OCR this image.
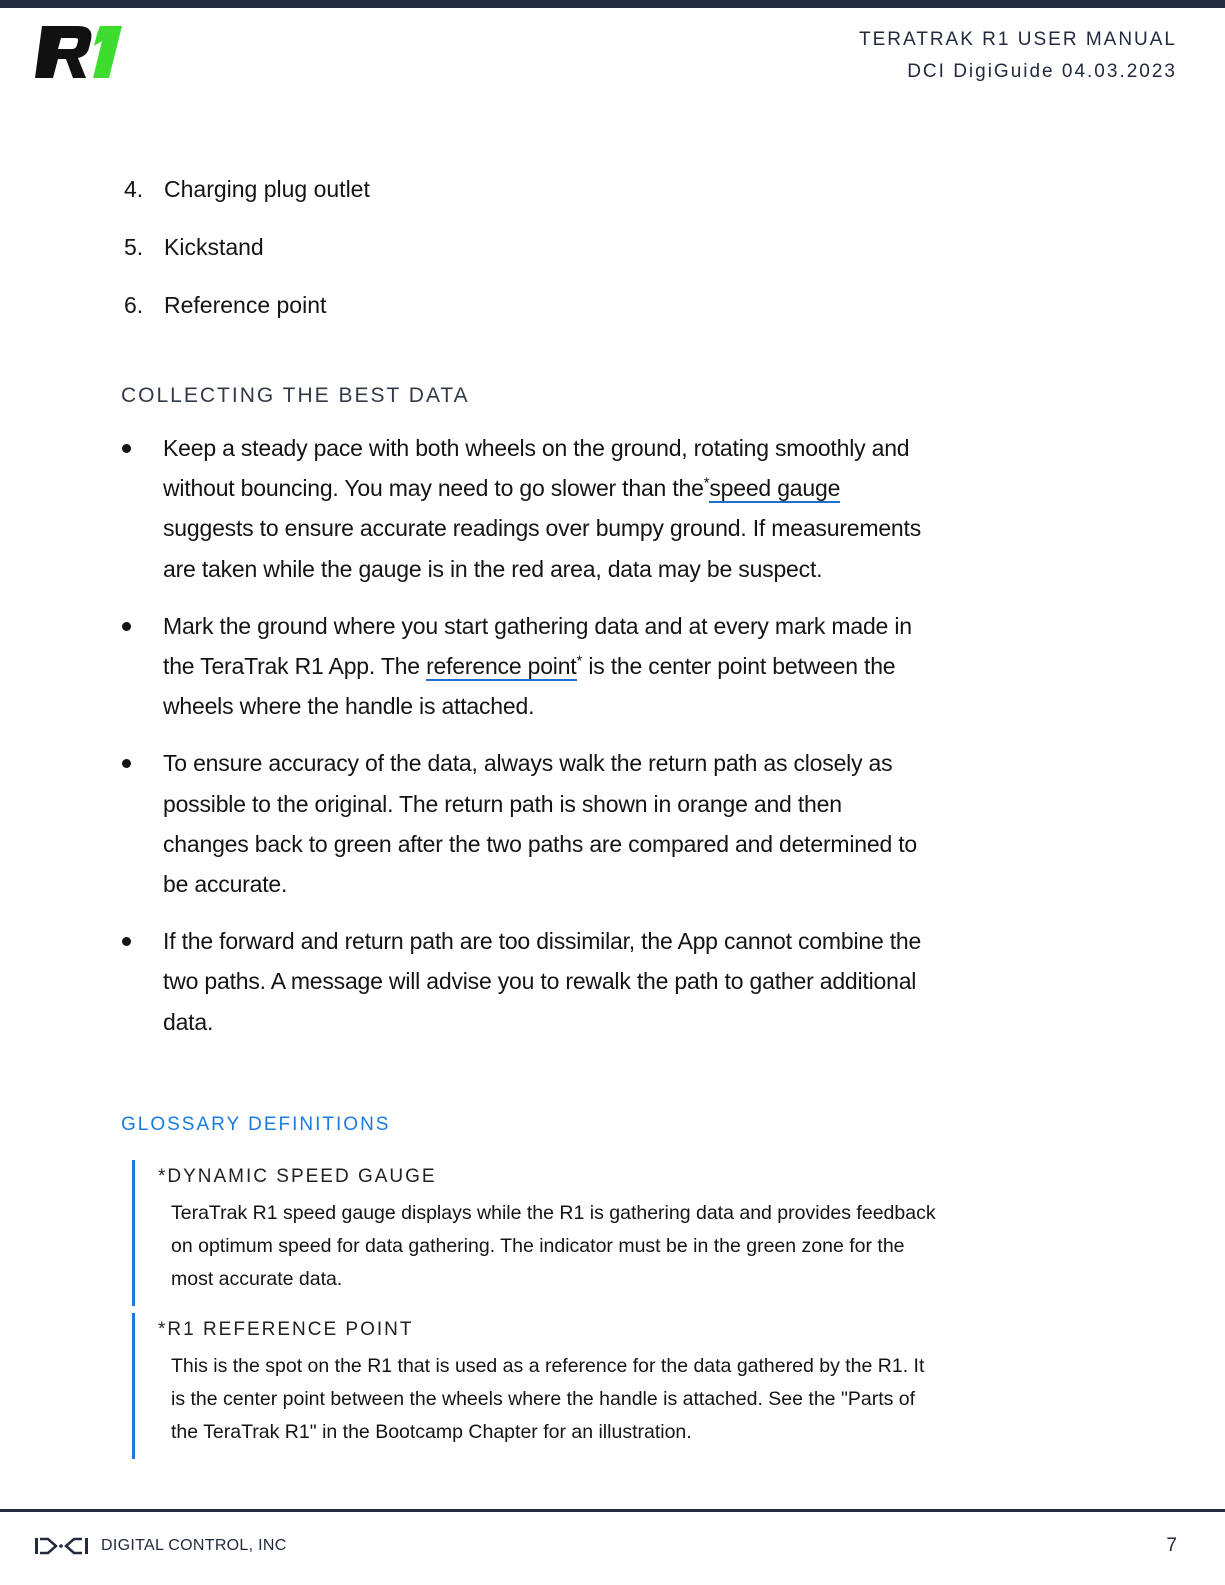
TERATRAK R1 USER MANUAL
DCI DigiGuide 04.03.2023
4. Charging plug outlet
5. Kickstand
6. Reference point
COLLECTING THE BEST DATA
Keep a steady pace with both wheels on the ground, rotating smoothly and without bouncing. You may need to go slower than the*speed gauge suggests to ensure accurate readings over bumpy ground. If measurements are taken while the gauge is in the red area, data may be suspect.
Mark the ground where you start gathering data and at every mark made in the TeraTrak R1 App. The reference point* is the center point between the wheels where the handle is attached.
To ensure accuracy of the data, always walk the return path as closely as possible to the original. The return path is shown in orange and then changes back to green after the two paths are compared and determined to be accurate.
If the forward and return path are too dissimilar, the App cannot combine the two paths. A message will advise you to rewalk the path to gather additional data.
GLOSSARY DEFINITIONS
*DYNAMIC SPEED GAUGE
TeraTrak R1 speed gauge displays while the R1 is gathering data and provides feedback on optimum speed for data gathering. The indicator must be in the green zone for the most accurate data.
*R1 REFERENCE POINT
This is the spot on the R1 that is used as a reference for the data gathered by the R1. It is the center point between the wheels where the handle is attached. See the "Parts of the TeraTrak R1" in the Bootcamp Chapter for an illustration.
DIGITAL CONTROL, INC	7
